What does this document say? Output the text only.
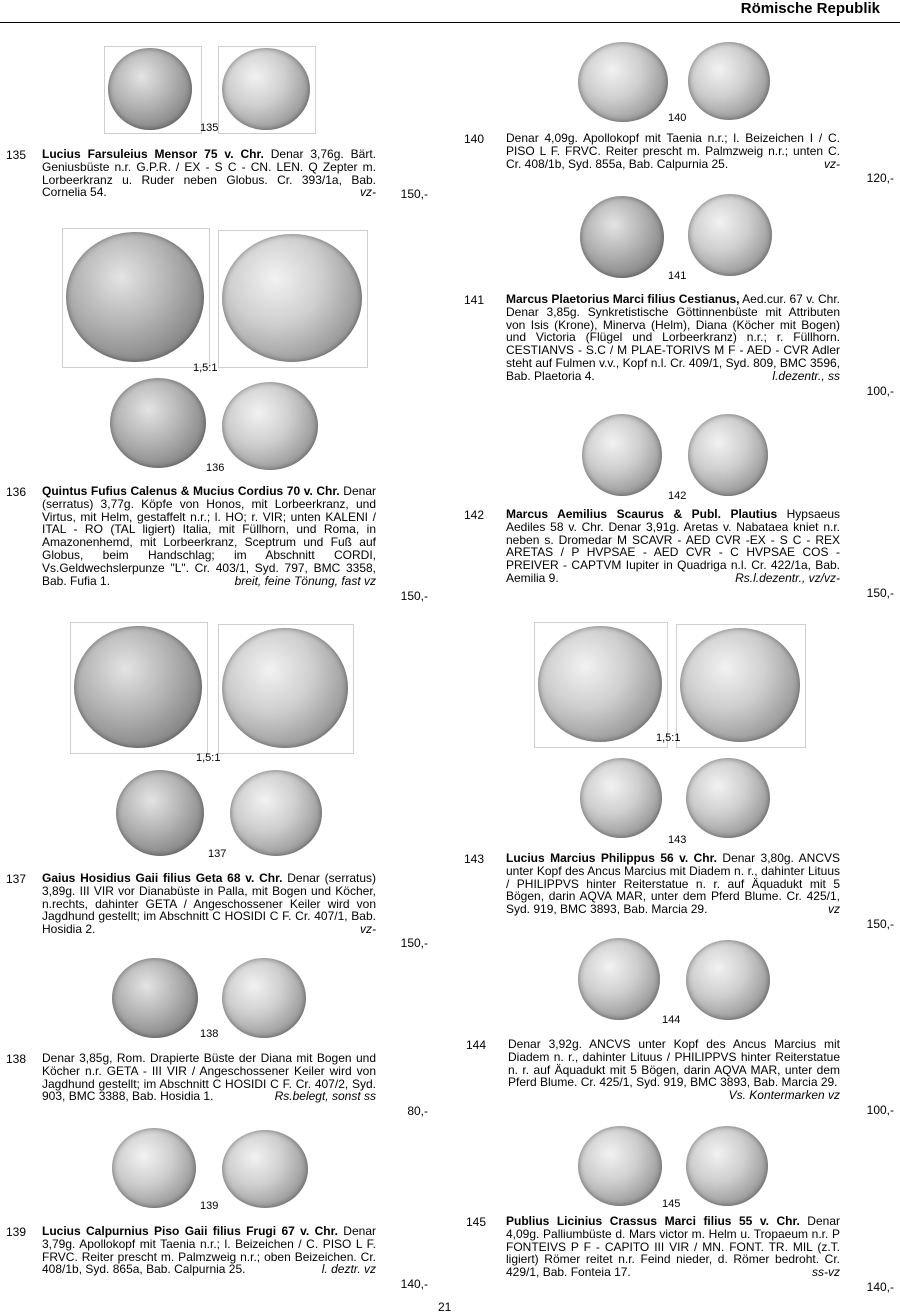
Römische Republik
135
135 Lucius Farsuleius Mensor 75 v. Chr. Denar 3,76g. Bärt. Geniusbüste n.r. G.P.R. / EX - S C - CN. LEN. Q Zepter m. Lorbeerkranz u. Ruder neben Globus. Cr. 393/1a, Bab. Cornelia 54.	vz-	150,-
1,5:1
136
136 Quintus Fufius Calenus & Mucius Cordius 70 v. Chr. Denar (serratus) 3,77g. Köpfe von Honos, mit Lorbeerkranz, und Virtus, mit Helm, gestaffelt n.r.; l. HO; r. VIR; unten KALENI / ITAL - RO (TAL ligiert) Italia, mit Füllhorn, und Roma, in Amazonenhemd, mit Lorbeerkranz, Sceptrum und Fuß auf Globus, beim Handschlag; im Abschnitt CORDI, Vs.Geldwechslerpunze "L". Cr. 403/1, Syd. 797, BMC 3358, Bab. Fufia 1.	breit, feine Tönung, fast vz
150,-
1,5:1
137
137 Gaius Hosidius Gaii filius Geta 68 v. Chr. Denar (serratus) 3,89g. III VIR vor Dianabüste in Palla, mit Bogen und Köcher, n.rechts, dahinter GETA / Angeschossener Keiler wird von Jagdhund gestellt; im Abschnitt C HOSIDI C F. Cr. 407/1, Bab. Hosidia 2.	vz-
150,-
138
138 Denar 3,85g, Rom. Drapierte Büste der Diana mit Bogen und Köcher n.r. GETA - III VIR / Angeschossener Keiler wird von Jagdhund gestellt; im Abschnitt C HOSIDI C F. Cr. 407/2, Syd. 903, BMC 3388, Bab. Hosidia 1.	Rs.belegt, sonst ss
80,-
139
139 Lucius Calpurnius Piso Gaii filius Frugi 67 v. Chr. Denar 3,79g. Apollokopf mit Taenia n.r.; l. Beizeichen / C. PISO L F. FRVC. Reiter prescht m. Palmzweig n.r.; oben Beizeichen. Cr. 408/1b, Syd. 865a, Bab. Calpurnia 25.	l. deztr. vz
140,-
140
140 Denar 4,09g. Apollokopf mit Taenia n.r.; l. Beizeichen I / C. PISO L F. FRVC. Reiter prescht m. Palmzweig n.r.; unten C. Cr. 408/1b, Syd. 855a, Bab. Calpurnia 25.	vz-
120,-
141
141 Marcus Plaetorius Marci filius Cestianus, Aed.cur. 67 v. Chr. Denar 3,85g. Synkretistische Göttinnenbüste mit Attributen von Isis (Krone), Minerva (Helm), Diana (Köcher mit Bogen) und Victoria (Flügel und Lorbeerkranz) n.r.; r. Füllhorn. CESTIANVS - S.C / M PLAE-TORIVS M F - AED - CVR Adler steht auf Fulmen v.v., Kopf n.l. Cr. 409/1, Syd. 809, BMC 3596, Bab. Plaetoria 4.	l.dezentr., ss
100,-
142
142 Marcus Aemilius Scaurus & Publ. Plautius Hypsaeus Aediles 58 v. Chr. Denar 3,91g. Aretas v. Nabataea kniet n.r. neben s. Dromedar M SCAVR - AED CVR -EX - S C - REX ARETAS / P HVPSAE - AED CVR - C HVPSAE COS - PREIVER - CAPTVM Iupiter in Quadriga n.l. Cr. 422/1a, Bab. Aemilia 9.	Rs.l.dezentr., vz/vz-
150,-
1,5:1
143
143 Lucius Marcius Philippus 56 v. Chr. Denar 3,80g. ANCVS unter Kopf des Ancus Marcius mit Diadem n. r., dahinter Lituus / PHILIPPVS hinter Reiterstatue n. r. auf Äquadukt mit 5 Bögen, darin AQVA MAR, unter dem Pferd Blume. Cr. 425/1, Syd. 919, BMC 3893, Bab. Marcia 29.	vz
150,-
144
144 Denar 3,92g. ANCVS unter Kopf des Ancus Marcius mit Diadem n. r., dahinter Lituus / PHILIPPVS hinter Reiterstatue n. r. auf Äquadukt mit 5 Bögen, darin AQVA MAR, unter dem Pferd Blume. Cr. 425/1, Syd. 919, BMC 3893, Bab. Marcia 29.

Vs. Kontermarken vz
100,-
145
145 Publius Licinius Crassus Marci filius 55 v. Chr. Denar 4,09g. Palliumbüste d. Mars victor m. Helm u. Tropaeum n.r. P FONTEIVS P F - CAPITO III VIR / MN. FONT. TR. MIL (z.T. ligiert) Römer reitet n.r. Feind nieder, d. Römer bedroht. Cr. 429/1, Bab. Fonteia 17.	ss-vz
140,-
21
